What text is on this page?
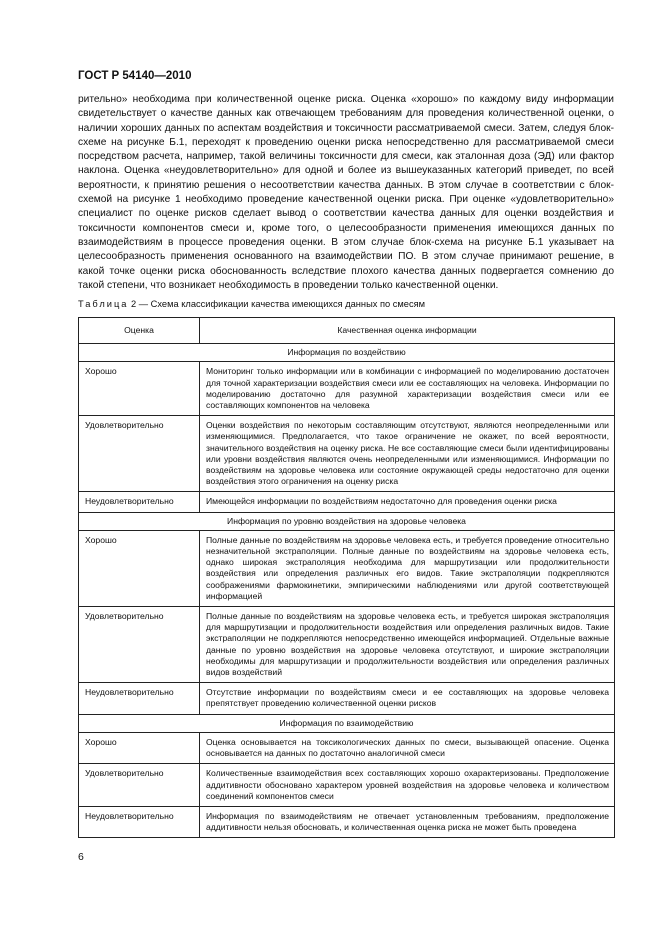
ГОСТ Р 54140—2010
рительно» необходима при количественной оценке риска. Оценка «хорошо» по каждому виду информации свидетельствует о качестве данных как отвечающем требованиям для проведения количественной оценки, о наличии хороших данных по аспектам воздействия и токсичности рассматриваемой смеси. Затем, следуя блок-схеме на рисунке Б.1, переходят к проведению оценки риска непосредственно для рассматриваемой смеси посредством расчета, например, такой величины токсичности для смеси, как эталонная доза (ЭД) или фактор наклона. Оценка «неудовлетворительно» для одной и более из вышеуказанных категорий приведет, по всей вероятности, к принятию решения о несоответствии качества данных. В этом случае в соответствии с блок-схемой на рисунке 1 необходимо проведение качественной оценки риска. При оценке «удовлетворительно» специалист по оценке рисков сделает вывод о соответствии качества данных для оценки воздействия и токсичности компонентов смеси и, кроме того, о целесообразности применения имеющихся данных по взаимодействиям в процессе проведения оценки. В этом случае блок-схема на рисунке Б.1 указывает на целесообразность применения основанного на взаимодействии ПО. В этом случае принимают решение, в какой точке оценки риска обоснованность вследствие плохого качества данных подвергается сомнению до такой степени, что возникает необходимость в проведении только качественной оценки.
Таблица 2 — Схема классификации качества имеющихся данных по смесям
Оценка	Качественная оценка информации
Информация по воздействию	
Хорошо	Мониторинг только информации или в комбинации с информацией по моделированию достаточен для точной характеризации воздействия смеси или ее составляющих на человека. Информации по моделированию достаточно для разумной характеризации воздействия смеси или ее составляющих компонентов на человека
Удовлетворительно	Оценки воздействия по некоторым составляющим отсутствуют, являются неопределенными или изменяющимися. Предполагается, что такое ограничение не окажет, по всей вероятности, значительного воздействия на оценку риска. Не все составляющие смеси были идентифицированы или уровни воздействия являются очень неопределенными или изменяющимися. Информации по воздействиям на здоровье человека или состояние окружающей среды недостаточно для оценки воздействия этого ограничения на оценку риска
Неудовлетворительно	Имеющейся информации по воздействиям недостаточно для проведения оценки риска
Информация по уровню воздействия на здоровье человека	
Хорошо	Полные данные по воздействиям на здоровье человека есть, и требуется проведение относительно незначительной экстраполяции. Полные данные по воздействиям на здоровье человека есть, однако широкая экстраполяция необходима для маршрутизации или продолжительности воздействия или определения различных его видов. Такие экстраполяции подкрепляются соображениями фармокинетики, эмпирическими наблюдениями или другой соответствующей информацией
Удовлетворительно	Полные данные по воздействиям на здоровье человека есть, и требуется широкая экстраполяция для маршрутизации и продолжительности воздействия или определения различных видов. Такие экстраполяции не подкрепляются непосредственно имеющейся информацией. Отдельные важные данные по уровню воздействия на здоровье человека отсутствуют, и широкие экстраполяции необходимы для маршрутизации и продолжительности воздействия или определения различных видов воздействий
Неудовлетворительно	Отсутствие информации по воздействиям смеси и ее составляющих на здоровье человека препятствует проведению количественной оценки рисков
Информация по взаимодействию	
Хорошо	Оценка основывается на токсикологических данных по смеси, вызывающей опасение. Оценка основывается на данных по достаточно аналогичной смеси
Удовлетворительно	Количественные взаимодействия всех составляющих хорошо охарактеризованы. Предположение аддитивности обосновано характером уровней воздействия на здоровье человека и количеством соединений компонентов смеси
Неудовлетворительно	Информация по взаимодействиям не отвечает установленным требованиям, предположение аддитивности нельзя обосновать, и количественная оценка риска не может быть проведена
6
